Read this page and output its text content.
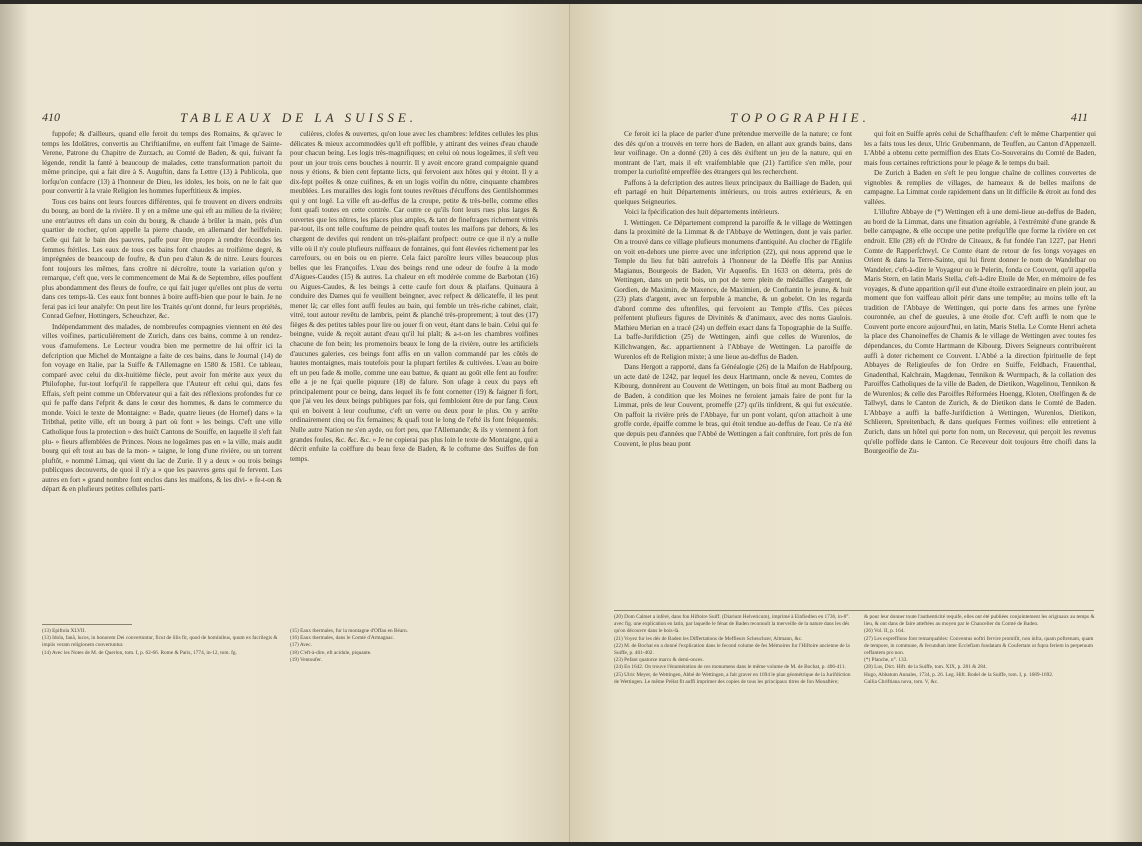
410	TABLEAUX DE LA SUISSE.

fuppofe; & d'ailleurs, quand elle feroit du temps des Romains, & qu'avec le temps les Idolâtres, convertis au Chriftianifme, en euffent fait l'image de Sainte-Verene, Patrone du Chapitre de Zurzach, au Comté de Baden, & qui, fuivant fa légende, rendit la fanté à beaucoup de malades, cette transformation partoit du même principe, qui a fait dire à S. Auguftin, dans fa Lettre (13) à Publicola, que lorfqu'on confacre (13) à l'honneur de Dieu, les idoles, les bois, on ne le fait que pour convertir à la vraie Religion les hommes fuperftitieux & impies.

Tous ces bains ont leurs fources différentes, qui fe trouvent en divers endroits du bourg, au bord de la rivière. Il y en a même une qui eft au milieu de la rivière; une entr'autres eft dans un coin du bourg, & chaude à brûler la main, près d'un quartier de rocher, qu'on appelle la pierre chaude, en allemand der heiffeftein. Celle qui fait le bain des pauvres, paffe pour être propre à rendre fécondes les femmes ftériles. Les eaux de tous ces bains font chaudes au troifième degré, & imprégnées de beaucoup de foufre, & d'un peu d'alun & de nitre. Leurs fources font toujours les mêmes, fans croître ni décroître, toute la variation qu'on y remarque, c'eft que, vers le commencement de Mai & de Septembre, elles pouffent plus abondamment des fleurs de foufre, ce qui fait juger qu'elles ont plus de vertu dans ces temps-là. Ces eaux font bonnes à boire auffi-bien que pour le bain. Je ne ferai pas ici leur analyfe: On peut lire les Traités qu'ont donné, fur leurs propriétés, Conrad Gefner, Hottingers, Scheuchzer, &c.

Indépendamment des malades, de nombreufes compagnies viennent en été des villes voifines, particulièrement de Zurich, dans ces bains, comme à un rendez-vous d'amufemens. Le Lecteur voudra bien me permettre de lui offrir ici la defcription que Michel de Montaigne a faite de ces bains, dans le Journal (14) de fon voyage en Italie, par la Suiffe & l'Allemagne en 1580 & 1581. Ce tableau, comparé avec celui du dix-huitième fiècle, peut avoir fon mérite aux yeux du Philofophe, fur-tout lorfqu'il fe rappellera que l'Auteur eft celui qui, dans fes Effais, s'eft peint comme un Obfervateur qui a fait des réflexions profondes fur ce qui fe paffe dans l'efprit & dans le cœur des hommes, & dans le commerce du monde. Voici le texte de Montaigne: « Bade, quatre lieues (de Hornef) dans » la Tribthal, petite ville, eft un bourg à part où font » les beings. C'eft une ville Catholique fous la protection » des huiĉt Cantons de Souiffe, en laquelle il s'eft fait plu- » fieurs affemblées de Princes. Nous ne logeâmes pas en » la ville, mais audit bourg qui eft tout au bas de la mon- » taigne, le long d'une rivière, ou un torrent pluftôt, » nommé Limaq, qui vient du lac de Zurie. Il y a deux » ou trois beings publicques decouverts, de quoi il n'y a » que les pauvres gens qui fe fervent. Les autres en fort » grand nombre font enclos dans les maifons, & les divi- » fe-t-on & départ & en plufieurs petites cellules parti-

culières, clofes & ouvertes, qu'on loue avec les chambres: lefdites cellules les plus délicates & mieux accommodées qu'il eft poffible, y attirant des veines d'eau chaude pour chacun being. Les logis très-magnifiques; en celui où nous logeâmes, il s'eft veu pour un jour trois cens bouches à nourrir. Il y avoit encore grand compaignie quand nous y étions, & bien cent feptante licts, qui fervoient aux hôtes qui y étoint. Il y a dix-fept poêles & onze cuifines, & en un logis voifin du nôtre, cinquante chambres meublées. Les murailles des logis font toutes revêtues d'écuffons des Gentilshommes qui y ont logé. La ville eft au-deffus de la croupe, petite & très-belle, comme elles font quafi toutes en cette contrée. Car outre ce qu'ils font leurs rues plus larges & ouvertes que les nôtres, les places plus amples, & tant de fineftrages richement vitrés par-tout, ils ont telle couftume de peindre quafi toutes les maifons par dehors, & les chargent de devifes qui rendent un très-plaifant profpect: outre ce que il n'y a nulle ville où il n'y coule plufieurs ruiffeaux de fontaines, qui font élevées richement par les carrefours, ou en bois ou en pierre. Cela faict paroître leurs villes beaucoup plus belles que les Françoifes. L'eau des beings rend une odeur de foufre à la mode d'Aigues-Caudes (15) & autres. La chaleur en eft modérée comme de Barbotan (16) ou Aigues-Caudes, & les beings à cette caufe fort doux & plaifans. Quinaura à conduire des Dames qui fe veuillent beingner, avec refpect & délicateffe, il les peut mener là; car elles font auffi feules au bain, qui femble un très-riche cabinet, clair, vitré, tout autour revêtu de lambris, peint & planché très-proprement; à tout des (17) fièges & des petites tables pour lire ou jouer fi on veut, étant dans le bain. Celui qui fe beingne, vuide & reçoit autant d'eau qu'il lui plaît; & a-t-on les chambres voifines chacune de fon bein; les promenoirs beaux le long de la rivière, outre les artificiels d'aucunes galeries, ces beings font affis en un vallon commandé par les côtés de hautes montaignes, mais toutefois pour la plupart fertiles & cultivées. L'eau au boire eft un peu fade & molle, comme une eau battue, & quant au goût elle fent au foufre: elle a je ne fçai quelle piquure (18) de falure. Son ufage à ceux du pays eft principalement pour ce being, dans lequel ils fe font cornetter (19) & faigner fi fort, que j'ai veu les deux beings publiques par fois, qui fembloient être de pur fang. Ceux qui en boivent à leur couftume, c'eft un verre ou deux pour le plus. On y arrête ordinairement cinq ou fix femaines; & quafi tout le long de l'efté ils font fréquentés. Nulle autre Nation ne s'en ayde, ou fort peu, que l'Allemande; & ils y viennent à fort grandes foules, &c. &c. &c. » Je ne copierai pas plus loin le texte de Montaigne, qui a décrit enfuite la coëffure du beau fexe de Baden, & le coftume des Suiffes de fon temps.

(13) Epiftola XLVII.
(13) Idola, fanâ, lucos, in honorem Dei convertuntur, ficut de illis fit, quod de hominibus, quum ex facrilegis & impiis veram religionem convertuntur.
(14) Avec les Notes de M. de Querlon, tom. I, p. 62-66. Rome & Paris, 1774, in-12, tom. fg.
(15) Eaux thermales, fur la montagne d'Offau en Béarn.
(16) Eaux thermales, dans le Comté d'Armagnac.
(17) Avec.
(18) C'eft-à-dire, eft acidule, piquante.
(19) Ventoufer.
TOPOGRAPHIE.	411

Ce feroit ici la place de parler d'une prétendue merveille de la nature; ce font des dés qu'on a trouvés en terre hors de Baden, en allant aux grands bains, dans leur voifinage. On a donné (20) à ces dés éxiftent un jeu de la nature, qui en montrant de l'art, mais il eft vraifemblable que (21) l'artifice s'en mêle, pour tromper la curiofité empreffée des étrangers qui les recherchent.

Paffons à la defcription des autres lieux principaux du Bailliage de Baden, qui eft partagé en huit Départements intérieurs, ou trois autres extérieurs, & en quelques Seigneuries.

Voici la fpécification des huit départements intérieurs.

I. Wettingen. Ce Département comprend la paroiffe & le village de Wettingen dans la proximité de la Limmat & de l'Abbaye de Wettingen, dont je vais parler. On a trouvé dans ce village plufieurs monumens d'antiquité. Au clocher de l'Eglife on voit en-dehors une pierre avec une infcription (22), qui nous apprend que le Temple du lieu fut bâti autrefois à l'honneur de la Déeffe Ifis par Annius Magianus, Bourgeois de Baden, Vir Aquenfis. En 1633 on déterra, près de Wettingen, dans un petit bois, un pot de terre plein de médailles d'argent, de Gordien, de Maximin, de Maxence, de Maximien, de Conftantin le jeune, & huit (23) plats d'argent, avec un ferpuble à manche, & un gobelet. On les regarda d'abord comme des uftenfiles, qui fervoient au Temple d'Ifis. Ces pièces préfentent plufieurs figures de Divinités & d'animaux, avec des noms Gaulois. Mathieu Merian en a tracé (24) un deffein exact dans fa Topographie de la Suiffe. La baffe-Jurifdiction (25) de Wettingen, ainfi que celles de Wurenlos, de Killchwangen, &c. appartiennent à l'Abbaye de Wettingen. La paroiffe de Wurenlos eft de Religion mixte; à une lieue au-deffus de Baden.

Dans Hergott a rapporté, dans fa Généalogie (26) de la Maifon de Habfpourg, un acte daté de 1242, par lequel les deux Hartmann, oncle & neveu, Comtes de Kibourg, donnèrent au Couvent de Wettingen, un bois fitué au mont Badberg ou de Baden, à condition que les Moines ne feroient jamais faire de pont fur la Limmat, près de leur Couvent, promeffe (27) qu'ils tinfdrent, & qui fut exécutée. On paffoit la rivière près de l'Abbaye, fur un pont volant, qu'on attachoit à une groffe corde, épaiffe comme le bras, qui étoit tendue au-deffus de l'eau. Ce n'a été que depuis peu d'années que l'Abbé de Wettingen a fait conftruire, fort près de fon Couvent, le plus beau pont

qui foit en Suiffe après celui de Schaffhaufen: c'eft le même Charpentier qui les a faits tous les deux, Ulric Grubenmann, de Teuffen, au Canton d'Appenzell. L'Abbé a obtenu cette permiffion des Etats Co-Souverains du Comté de Baden, mais fous certaines reftrictions pour le péage & le temps du bail.

De Zurich à Baden en s'eft le peu longue chaîne de collines couvertes de vignobles & remplies de villages, de hameaux & de belles maifons de campagne. La Limmat coule rapidement dans un lit difficile & étroit au fond des vallées.

L'illuftre Abbaye de (*) Wettingen eft à une demi-lieue au-deffus de Baden, au bord de la Limmat, dans une fituation agréable, à l'extrémité d'une grande & belle campagne, & elle occupe une petite prefqu'ifle que forme la rivière en cet endroit. Elle (28) eft de l'Ordre de Citeaux, & fut fondée l'an 1227, par Henri Comte de Rapperfchwyl. Ce Comte étant de retour de fes longs voyages en Orient & dans la Terre-Sainte, qui lui firent donner le nom de Wandelbar ou Wandeler, c'eft-à-dire le Voyageur ou le Pelerin, fonda ce Couvent, qu'il appella Maris Stern, en latin Maris Stella, c'eft-à-dire Etoile de Mer, en mémoire de fes voyages, & d'une apparition qu'il eut d'une étoile extraordinaire en plein jour, au moment que fon vaiffeau alloit périr dans une tempête; au moins telle eft la tradition de l'Abbaye de Wettingen, qui porte dans fes armes une fyrène couronnée, au chef de gueules, à une étoile d'or. C'eft auffi le nom que le Couvent porte encore aujourd'hui, en latin, Maris Stella. Le Comte Henri acheta la place des Chanoineffes de Chamis & le village de Wettingen avec toutes fes dépendances, du Comte Hartmann de Kibourg. Divers Seigneurs contribuèrent auffi à doter richement ce Couvent. L'Abbé a la direction fpirituelle de fept Abbayes de Religieufes de fon Ordre en Suiffe, Feldbach, Frauenthal, Gnadenthal, Kalchrain, Magdenau, Tennikon & Wurmpach, & la collation des Paroiffes Catholiques de la ville de Baden, de Dietikon, Wagelinou, Tennikon & de Wurenlos; & celle des Paroiffes Réformées Hoengg, Kloten, Otelfingen & de Tallwyl, dans le Canton de Zurich, & de Dietikon dans le Comté de Baden. L'Abbaye a auffi la baffe-Jurifdiction à Wettingen, Wurenlos, Dietikon, Schlieren, Spreitenbach, & dans quelques Fermes voifines: elle entretient à Zurich, dans un hôtel qui porte fon nom, un Receveur, qui perçoit les revenus qu'elle poffède dans le Canton. Ce Receveur doit toujours être choifi dans la Bourgeoifie de Zu-

(20) Dom Calmet a inféré, dans fon Hiftoire Suiff. (Diarium Helveticum), imprimé à Einfiedlen en 1736, in-8°. avec fig. une explication en latin, par laquelle le fénat de Baden reconnoît la merveille de la nature dans les dés qu'on découvre dans le bois-là.
(21) Voyez fur les dés de Baden les Differtations de Meffieurs Scheuchzer, Altmann, &c.
(22) M. de Bochat en a donné l'explication dans le fecond volume de fes Mémoires fur l'Hiftoire ancienne de la Suiffe, p. 401-402.
(23) Pefant quatorze marcs & demi-onces.
(24) En 1642. On trouve l'énumération de ces monumens dans le même volume de M. de Bochat, p. 406-411.
(25) Ulric Meyer, de Wettingen, Abbé de Wettingen, a fait graver en 1694 le plan géométrique de la Jurifdiction de Wettingen. Le même Prélat fit auffi imprimer des copies de tous les principaux titres de fon Monaftère;
& pour leur donner toute l'authenticité requife, elles ont été publiées conjointement les originaux au temps & lieu, & ont dans de faire atteftées au moyen par le Chancelier du Comté de Baden.
(26) Vol. II, p. 164.
(27) Les expreffions font remarquables: Conventus noftri fervire promifit, non infra, quam poftrenam, quam de tempore, in commune, & fecundum inter Ecclefiam fundatam & Coufertam ut fupra feriem in perpetuum ceffantem pro non.
(*) Planche, n°. 133.
(28) Lus, Dict. Hift. de la Suiffe, tom. XIX, p. 281 & 284.
Hugo, Abbatum Annales, 1734, p. 26. Leg. Hift. Bodel de la Suiffe, tom. I, p. 1689-1692.
Gallia Chriftiana nova, tom. V, &c.
